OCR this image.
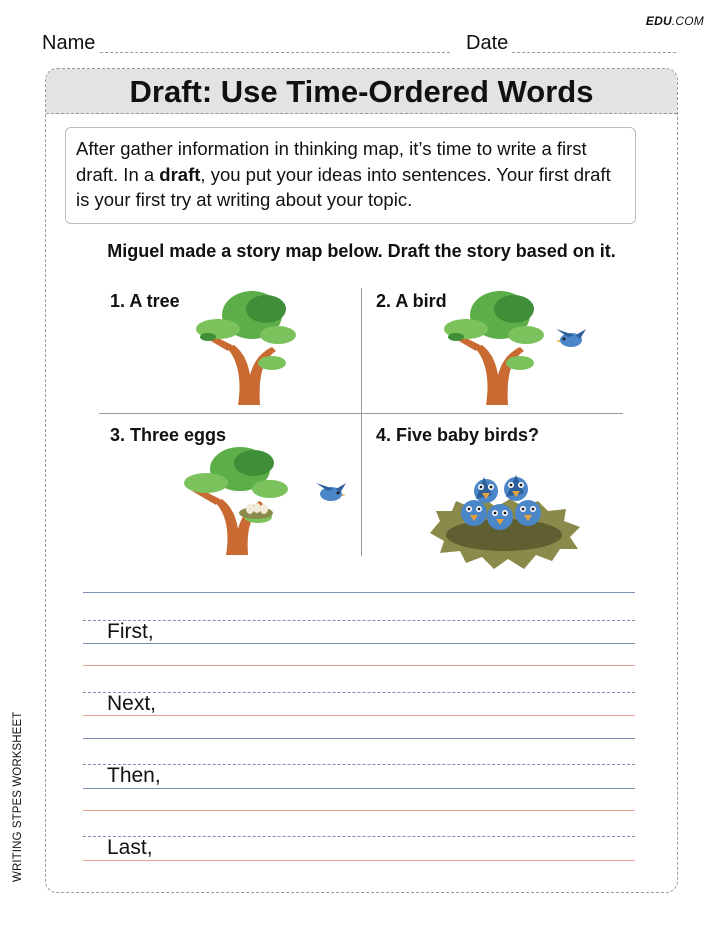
EDU.COM
Name	Date
Draft: Use Time-Ordered Words
After gather information in thinking map, it’s time to write a first draft. In a draft, you put your ideas into sentences. Your first draft is your first try at writing about your topic.
Miguel made a story map below. Draft the story based on it.
1. A tree	2. A bird
3. Three eggs	4. Five baby birds?
First,
Next,
Then,
Last,
WRITING STPES WORKSHEET
